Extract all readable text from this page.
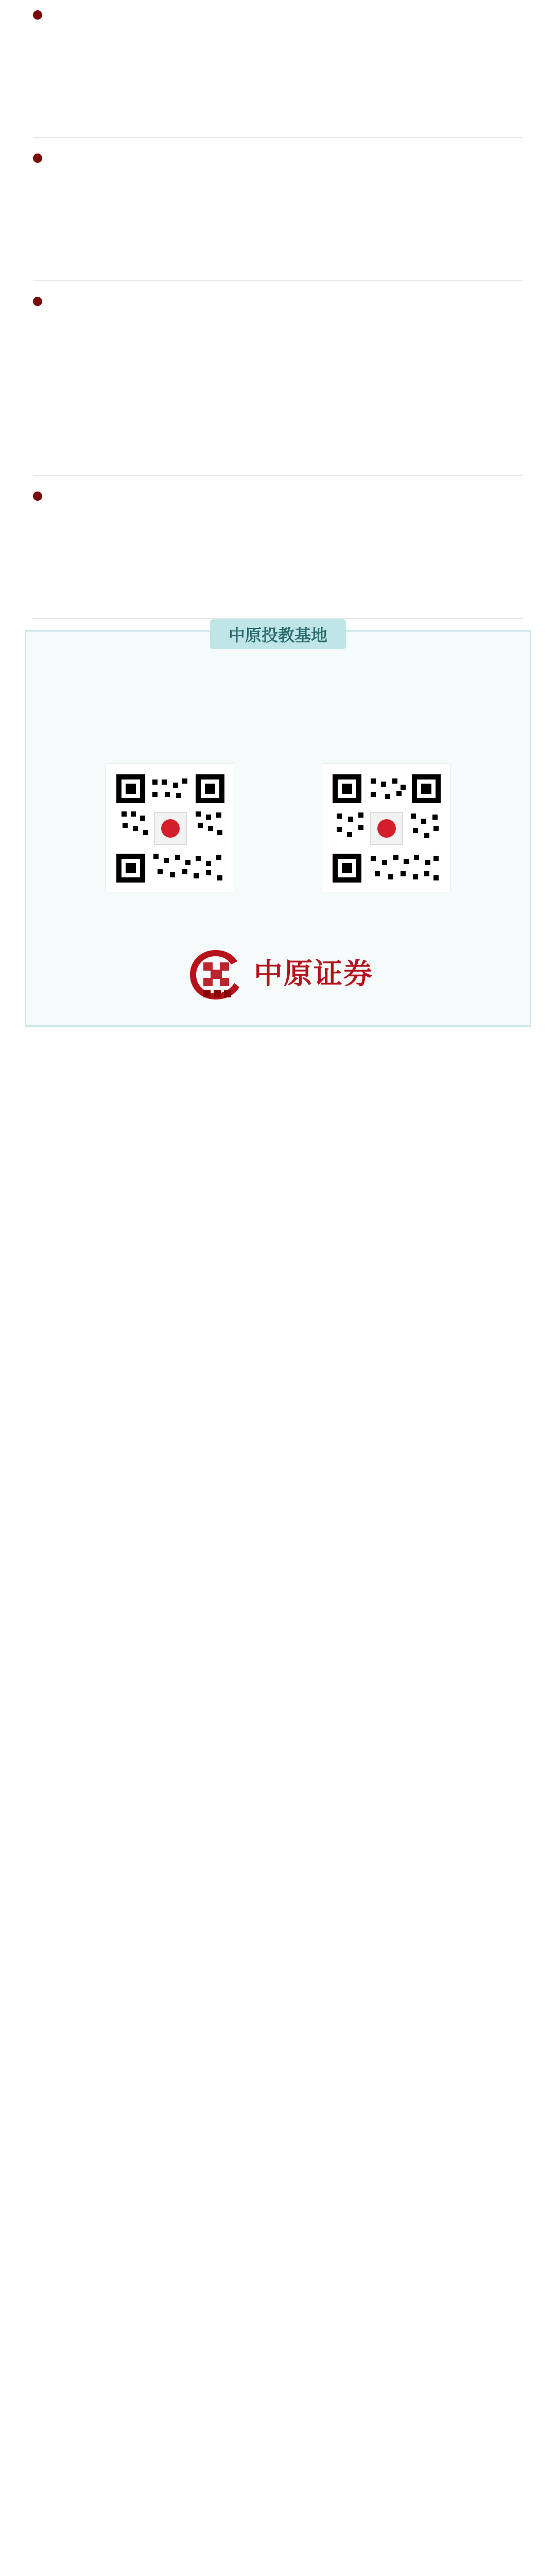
中原投教基地
中原证券
